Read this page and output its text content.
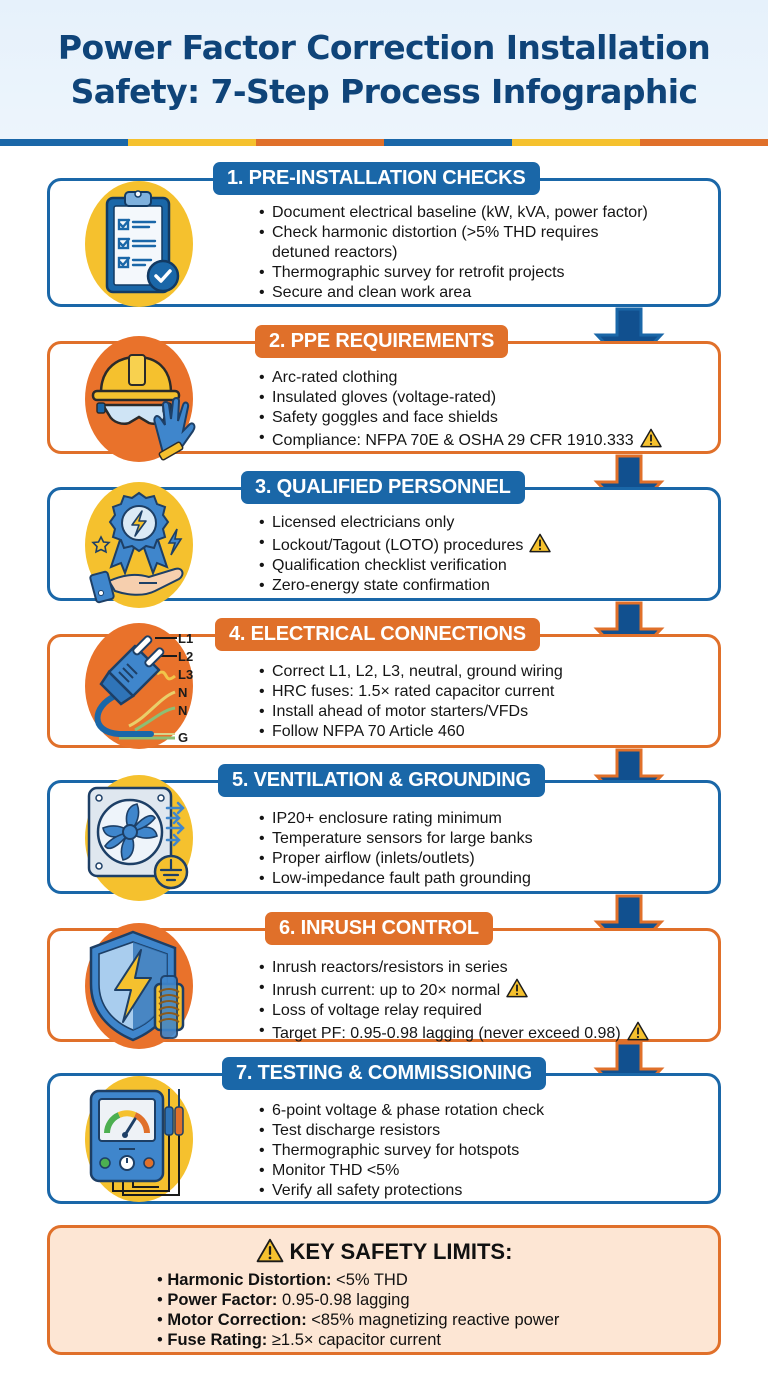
Power Factor Correction Installation
Safety: 7-Step Process Infographic
1. PRE-INSTALLATION CHECKS
• Document electrical baseline (kW, kVA, power factor)
• Check harmonic distortion (>5% THD requires
detuned reactors)
• Thermographic survey for retrofit projects
• Secure and clean work area
2. PPE REQUIREMENTS
• Arc-rated clothing
• Insulated gloves (voltage-rated)
• Safety goggles and face shields
• Compliance: NFPA 70E & OSHA 29 CFR 1910.333
3. QUALIFIED PERSONNEL
• Licensed electricians only
• Lockout/Tagout (LOTO) procedures
• Qualification checklist verification
• Zero-energy state confirmation
L1
L2
L3
N
N
G
4. ELECTRICAL CONNECTIONS
• Correct L1, L2, L3, neutral, ground wiring
• HRC fuses: 1.5× rated capacitor current
• Install ahead of motor starters/VFDs
• Follow NFPA 70 Article 460
5. VENTILATION & GROUNDING
• IP20+ enclosure rating minimum
• Temperature sensors for large banks
• Proper airflow (inlets/outlets)
• Low-impedance fault path grounding
6. INRUSH CONTROL
• Inrush reactors/resistors in series
• Inrush current: up to 20× normal
• Loss of voltage relay required
• Target PF: 0.95-0.98 lagging (never exceed 0.98)
7. TESTING & COMMISSIONING
• 6-point voltage & phase rotation check
• Test discharge resistors
• Thermographic survey for hotspots
• Monitor THD <5%
• Verify all safety protections
KEY SAFETY LIMITS:
• Harmonic Distortion: <5% THD
• Power Factor: 0.95-0.98 lagging
• Motor Correction: <85% magnetizing reactive power
• Fuse Rating: ≥1.5× capacitor current
